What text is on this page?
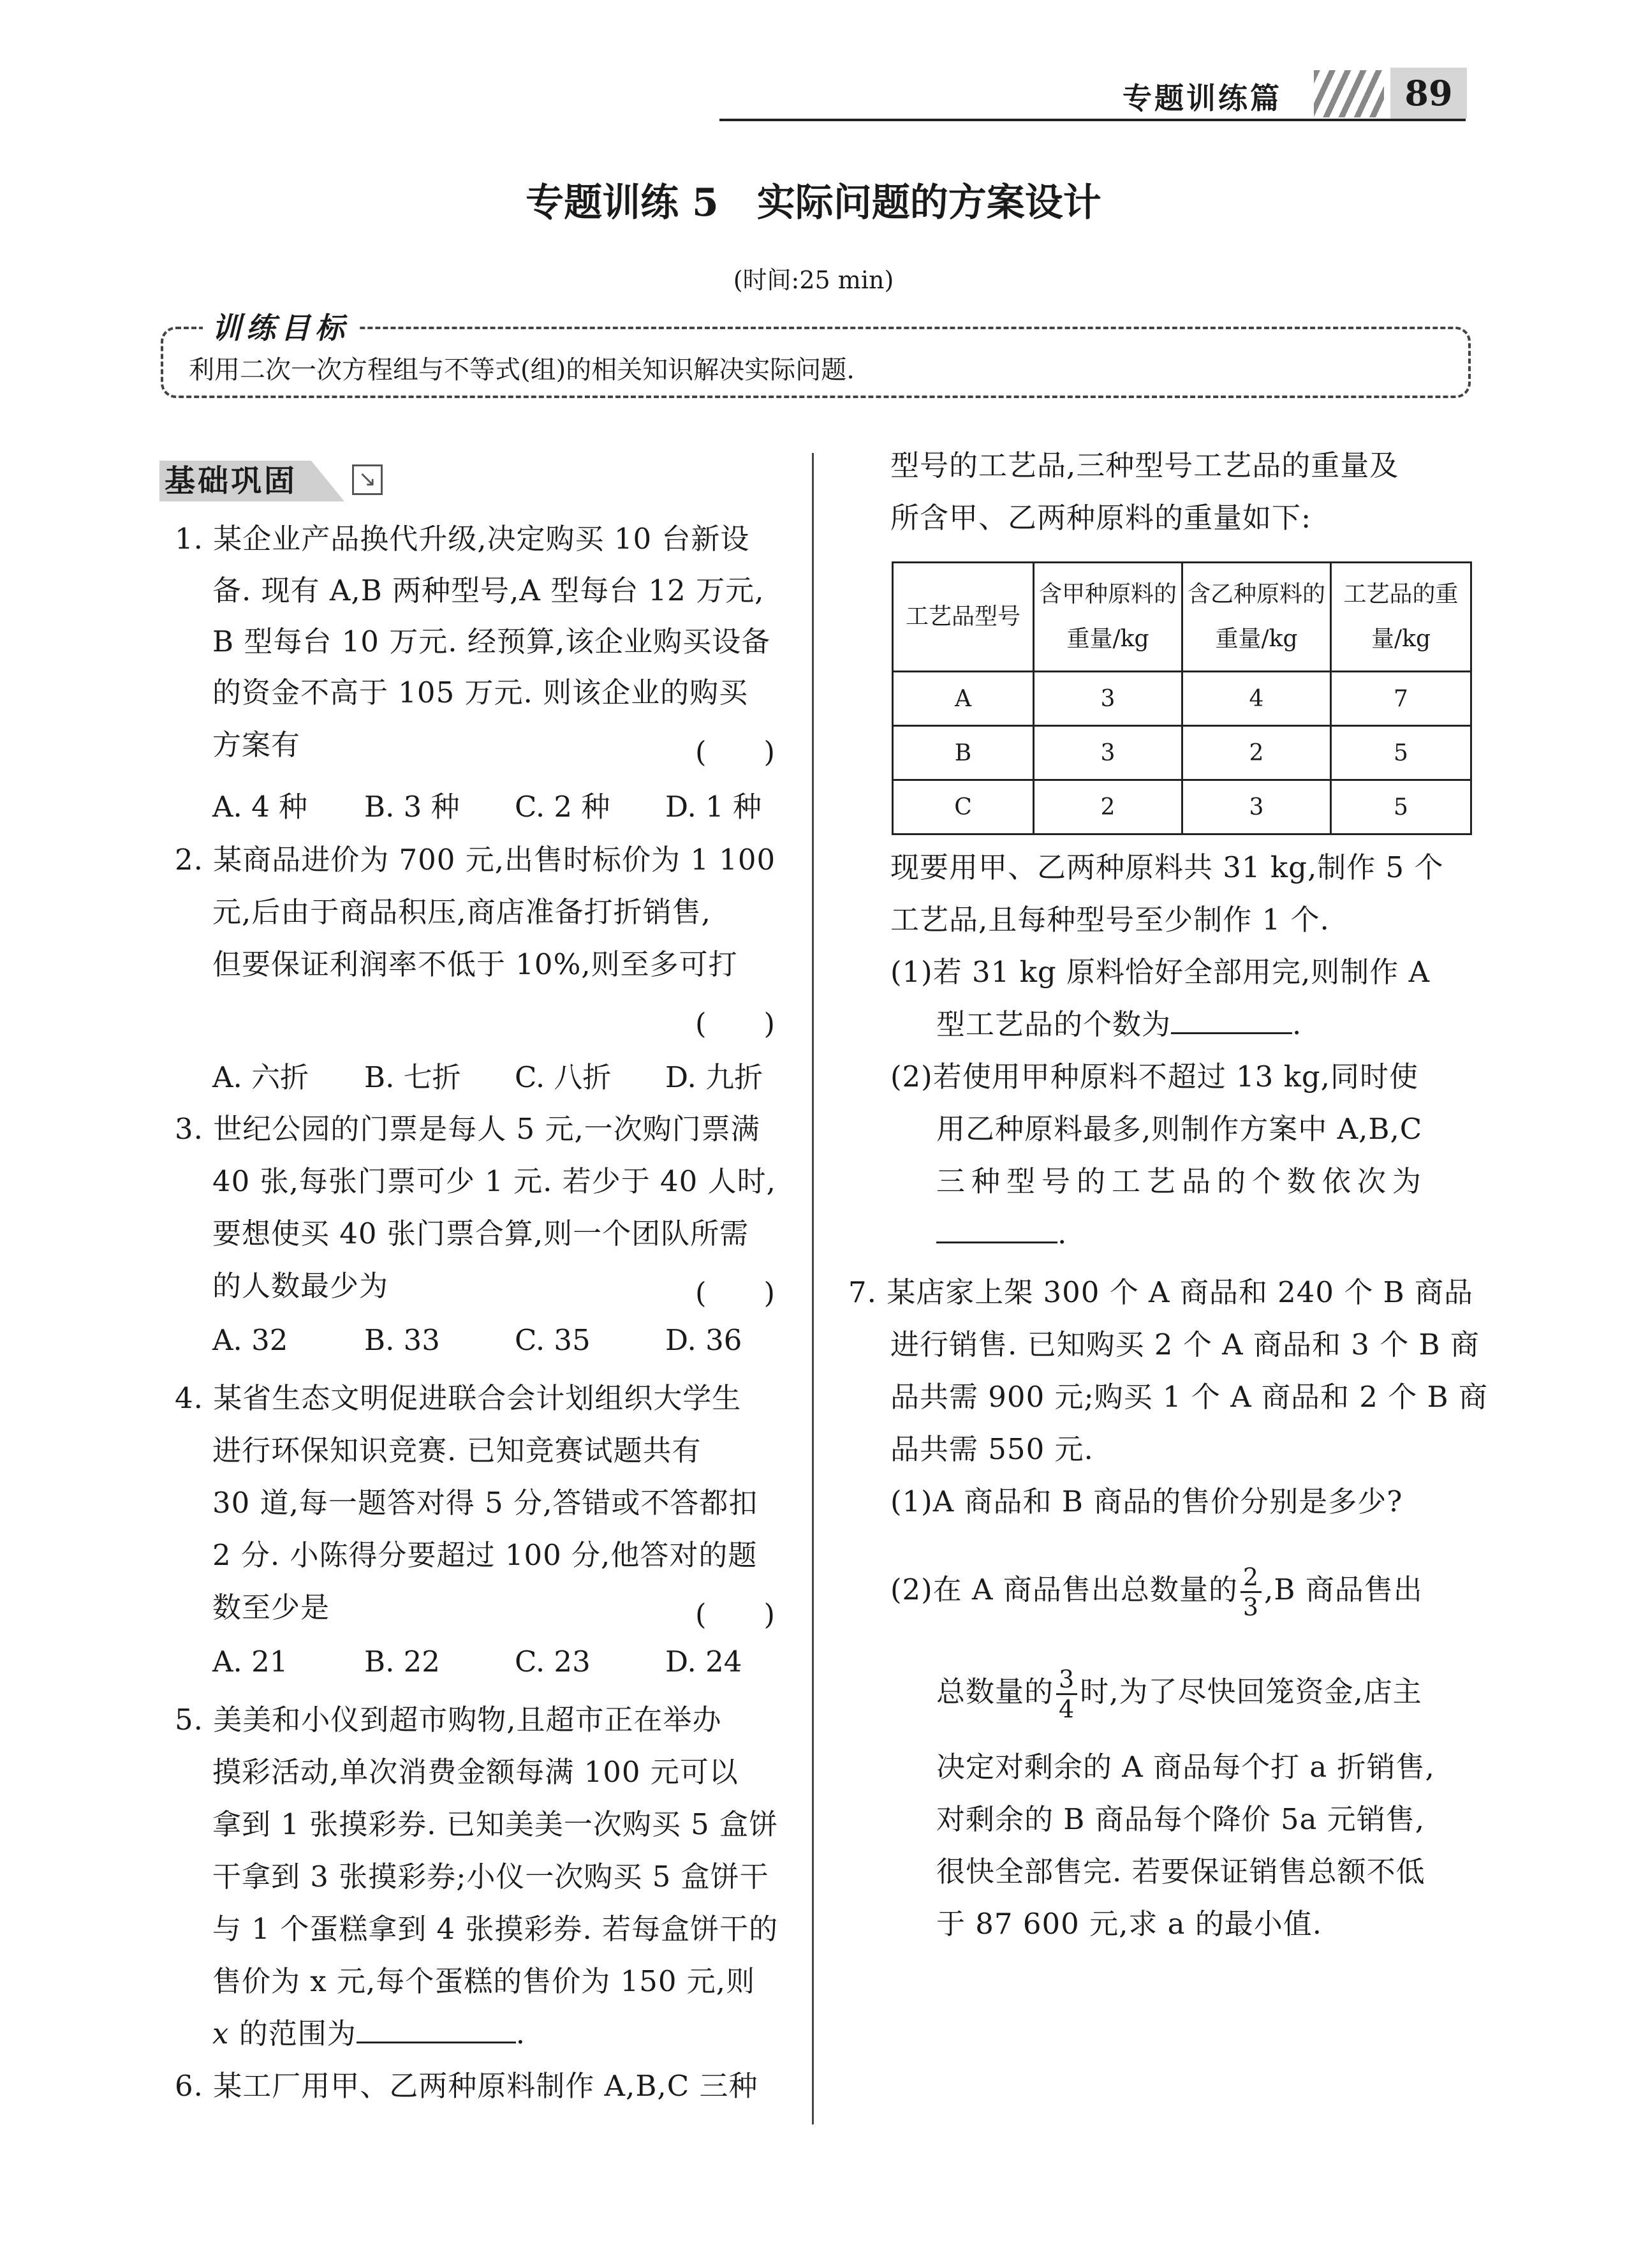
专题训练篇	89
专题训练 5　实际问题的方案设计
(时间:25 min)
训练目标
利用二次一次方程组与不等式(组)的相关知识解决实际问题.
基础巩固	↘
1. 某企业产品换代升级,决定购买 10 台新设
备. 现有 A,B 两种型号,A 型每台 12 万元,
B 型每台 10 万元. 经预算,该企业购买设备
的资金不高于 105 万元. 则该企业的购买
方案有	(　　)
A. 4 种 B. 3 种 C. 2 种 D. 1 种
2. 某商品进价为 700 元,出售时标价为 1 100
元,后由于商品积压,商店准备打折销售,
但要保证利润率不低于 10%,则至多可打
(　　)
A. 六折 B. 七折 C. 八折 D. 九折
3. 世纪公园的门票是每人 5 元,一次购门票满
40 张,每张门票可少 1 元. 若少于 40 人时,
要想使买 40 张门票合算,则一个团队所需
的人数最少为	(　　)
A. 32	B. 33	C. 35	D. 36
4. 某省生态文明促进联合会计划组织大学生
进行环保知识竞赛. 已知竞赛试题共有
30 道,每一题答对得 5 分,答错或不答都扣
2 分. 小陈得分要超过 100 分,他答对的题
数至少是	(　　)
A. 21	B. 22	C. 23	D. 24
5. 美美和小仪到超市购物,且超市正在举办
摸彩活动,单次消费金额每满 100 元可以
拿到 1 张摸彩券. 已知美美一次购买 5 盒饼
干拿到 3 张摸彩券;小仪一次购买 5 盒饼干
与 1 个蛋糕拿到 4 张摸彩券. 若每盒饼干的
售价为 x 元,每个蛋糕的售价为 150 元,则
x 的范围为	.
6. 某工厂用甲、乙两种原料制作 A,B,C 三种
型号的工艺品,三种型号工艺品的重量及
所含甲、乙两种原料的重量如下:
工艺品型号	含甲种原料的重量/kg	含乙种原料的重量/kg	工艺品的重量/kg
A	3	4	7
B	3	2	5
C	2	3	5
现要用甲、乙两种原料共 31 kg,制作 5 个
工艺品,且每种型号至少制作 1 个.
(1)若 31 kg 原料恰好全部用完,则制作 A
型工艺品的个数为	.
(2)若使用甲种原料不超过 13 kg,同时使
用乙种原料最多,则制作方案中 A,B,C
三种型号的工艺品的个数依次为
.
7. 某店家上架 300 个 A 商品和 240 个 B 商品
进行销售. 已知购买 2 个 A 商品和 3 个 B 商
品共需 900 元;购买 1 个 A 商品和 2 个 B 商
品共需 550 元.
(1)A 商品和 B 商品的售价分别是多少?
(2)在 A 商品售出总数量的 $\frac{2}{3} ,B$ 商品售出
总数量的 $\frac{3}{4}$ 时,为了尽快回笼资金,店主
决定对剩余的 A 商品每个打 a 折销售,
对剩余的 B 商品每个降价 5a 元销售,
很快全部售完. 若要保证销售总额不低
于 87 600 元,求 a 的最小值.
